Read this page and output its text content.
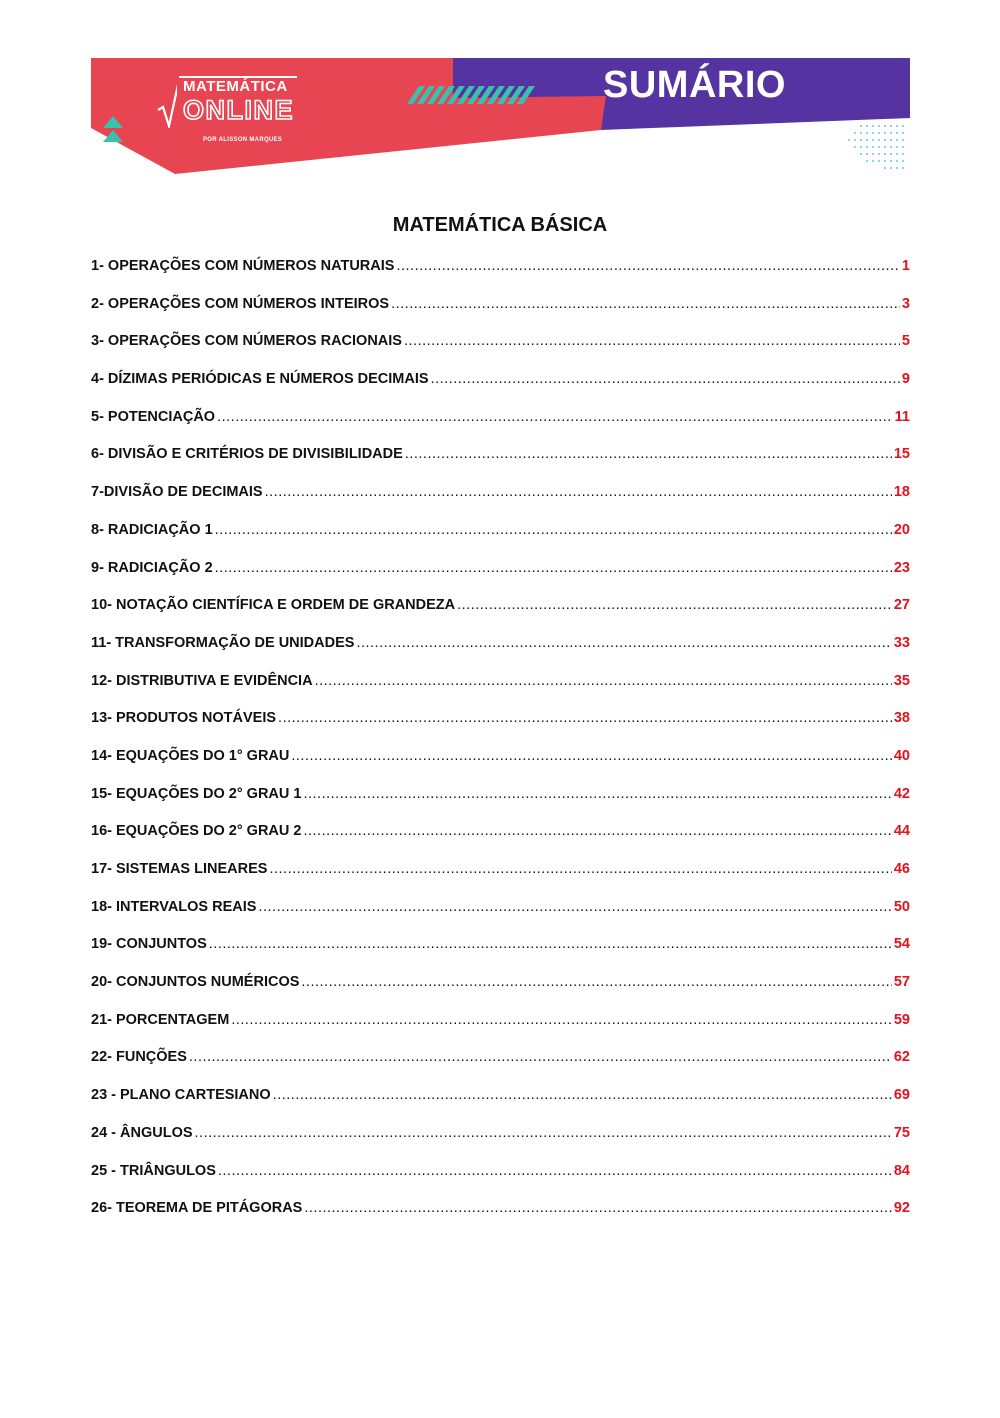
MATEMÁTICA
ONLINE
POR ALISSON MARQUES
SUMÁRIO
MATEMÁTICA BÁSICA
1- OPERAÇÕES COM NÚMEROS NATURAIS .....	1
2- OPERAÇÕES COM NÚMEROS INTEIROS .....	3
3- OPERAÇÕES COM NÚMEROS RACIONAIS .....	5
4- DÍZIMAS PERIÓDICAS E NÚMEROS DECIMAIS .....	9
5- POTENCIAÇÃO .....	11
6- DIVISÃO E CRITÉRIOS DE DIVISIBILIDADE .....	15
7-DIVISÃO DE DECIMAIS .....	18
8- RADICIAÇÃO 1 .....	20
9- RADICIAÇÃO 2 .....	23
10- NOTAÇÃO CIENTÍFICA E ORDEM DE GRANDEZA .....	27
11- TRANSFORMAÇÃO DE UNIDADES .....	33
12- DISTRIBUTIVA E EVIDÊNCIA .....	35
13- PRODUTOS NOTÁVEIS .....	38
14- EQUAÇÕES DO 1° GRAU .....	40
15- EQUAÇÕES DO 2° GRAU 1 .....	42
16- EQUAÇÕES DO 2° GRAU 2 .....	44
17- SISTEMAS LINEARES .....	46
18- INTERVALOS REAIS .....	50
19- CONJUNTOS .....	54
20- CONJUNTOS NUMÉRICOS .....	57
21- PORCENTAGEM .....	59
22- FUNÇÕES .....	62
23 - PLANO CARTESIANO .....	69
24 - ÂNGULOS .....	75
25 - TRIÂNGULOS .....	84
26- TEOREMA DE PITÁGORAS .....	92
